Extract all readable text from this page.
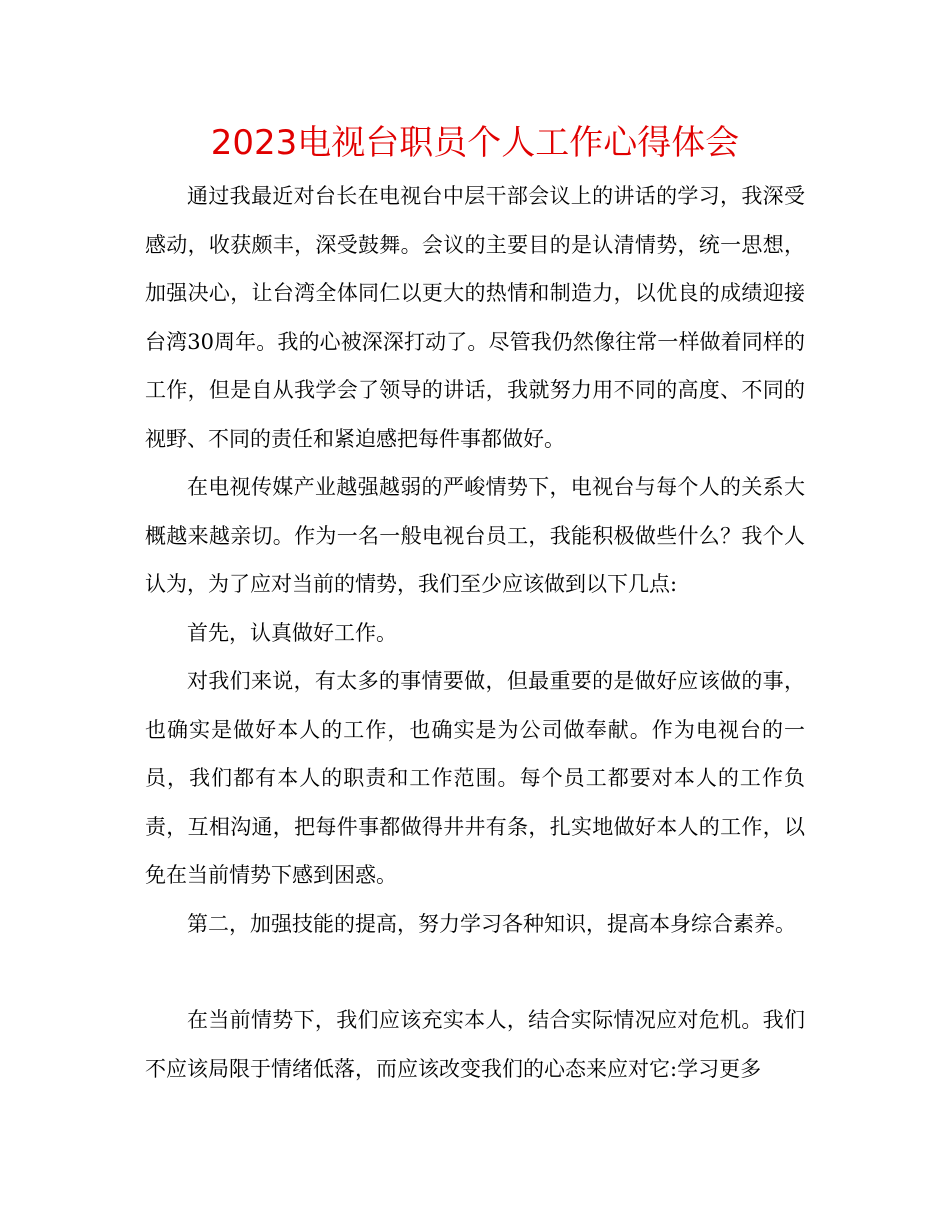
2023电视台职员个人工作心得体会

通过我最近对台长在电视台中层干部会议上的讲话的学习，我深受感动，收获颇丰，深受鼓舞。会议的主要目的是认清情势，统一思想，加强决心，让台湾全体同仁以更大的热情和制造力，以优良的成绩迎接台湾30周年。我的心被深深打动了。尽管我仍然像往常一样做着同样的工作，但是自从我学会了领导的讲话，我就努力用不同的高度、不同的视野、不同的责任和紧迫感把每件事都做好。

在电视传媒产业越强越弱的严峻情势下，电视台与每个人的关系大概越来越亲切。作为一名一般电视台员工，我能积极做些什么？我个人认为，为了应对当前的情势，我们至少应该做到以下几点:

首先，认真做好工作。

对我们来说，有太多的事情要做，但最重要的是做好应该做的事，也确实是做好本人的工作，也确实是为公司做奉献。作为电视台的一员，我们都有本人的职责和工作范围。每个员工都要对本人的工作负责，互相沟通，把每件事都做得井井有条，扎实地做好本人的工作，以免在当前情势下感到困惑。

第二，加强技能的提高，努力学习各种知识，提高本身综合素养。

在当前情势下，我们应该充实本人，结合实际情况应对危机。我们不应该局限于情绪低落，而应该改变我们的心态来应对它:学习更多
